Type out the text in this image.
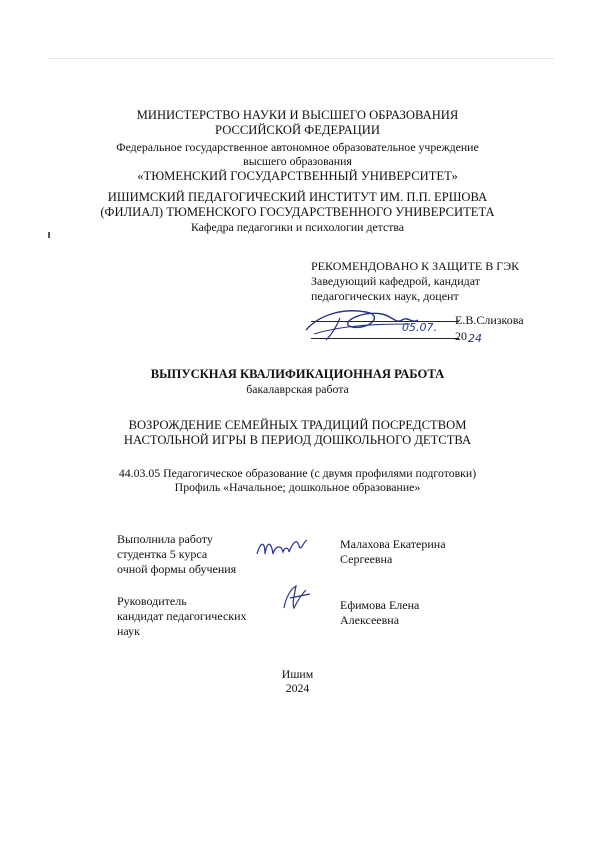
МИНИСТЕРСТВО НАУКИ И ВЫСШЕГО ОБРАЗОВАНИЯ
РОССИЙСКОЙ ФЕДЕРАЦИИ
Федеральное государственное автономное образовательное учреждение
высшего образования
«ТЮМЕНСКИЙ ГОСУДАРСТВЕННЫЙ УНИВЕРСИТЕТ»
ИШИМСКИЙ ПЕДАГОГИЧЕСКИЙ ИНСТИТУТ ИМ. П.П. ЕРШОВА
(ФИЛИАЛ) ТЮМЕНСКОГО ГОСУДАРСТВЕННОГО УНИВЕРСИТЕТА
Кафедра педагогики и психологии детства
РЕКОМЕНДОВАНО К ЗАЩИТЕ В ГЭК
Заведующий кафедрой, кандидат
педагогических наук, доцент
Е.В.Слизкова
20
05.07.
24
ВЫПУСКНАЯ КВАЛИФИКАЦИОННАЯ РАБОТА
бакалаврская работа
ВОЗРОЖДЕНИЕ СЕМЕЙНЫХ ТРАДИЦИЙ ПОСРЕДСТВОМ
НАСТОЛЬНОЙ ИГРЫ В ПЕРИОД ДОШКОЛЬНОГО ДЕТСТВА
44.03.05 Педагогическое образование (с двумя профилями подготовки)
Профиль «Начальное; дошкольное образование»
Выполнила работу
студентка 5 курса
очной формы обучения
Малахова Екатерина
Сергеевна
Руководитель
кандидат педагогических
наук
Ефимова Елена
Алексеевна
Ишим
2024
